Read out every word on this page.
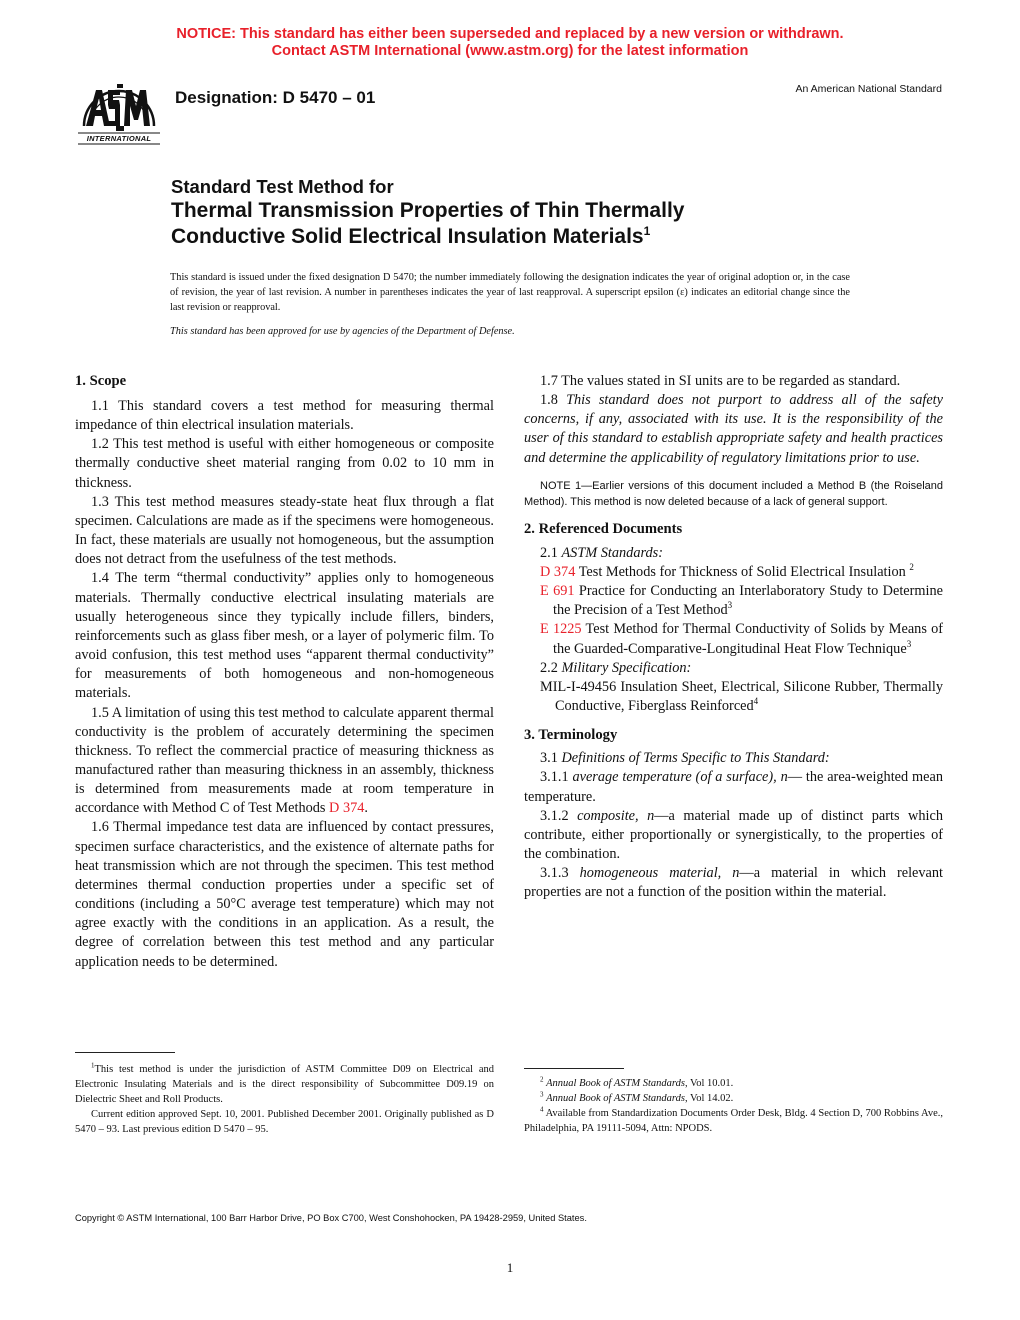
NOTICE: This standard has either been superseded and replaced by a new version or withdrawn.
Contact ASTM International (www.astm.org) for the latest information
INTERNATIONAL
Designation: D 5470 – 01	An American National Standard
Standard Test Method for
Thermal Transmission Properties of Thin Thermally
Conductive Solid Electrical Insulation Materials$^1$
This standard is issued under the fixed designation D 5470; the number immediately following the designation indicates the year of original adoption or, in the case of revision, the year of last revision. A number in parentheses indicates the year of last reapproval. A superscript epsilon (ε) indicates an editorial change since the last revision or reapproval.
This standard has been approved for use by agencies of the Department of Defense.
1. Scope

1.1 This standard covers a test method for measuring thermal impedance of thin electrical insulation materials.

1.2 This test method is useful with either homogeneous or composite thermally conductive sheet material ranging from 0.02 to 10 mm in thickness.

1.3 This test method measures steady-state heat flux through a flat specimen. Calculations are made as if the specimens were homogeneous. In fact, these materials are usually not homogeneous, but the assumption does not detract from the usefulness of the test methods.

1.4 The term “thermal conductivity” applies only to homogeneous materials. Thermally conductive electrical insulating materials are usually heterogeneous since they typically include fillers, binders, reinforcements such as glass fiber mesh, or a layer of polymeric film. To avoid confusion, this test method uses “apparent thermal conductivity” for measurements of both homogeneous and non-homogeneous materials.

1.5 A limitation of using this test method to calculate apparent thermal conductivity is the problem of accurately determining the specimen thickness. To reflect the commercial practice of measuring thickness as manufactured rather than measuring thickness in an assembly, thickness is determined from measurements made at room temperature in accordance with Method C of Test Methods D 374.

1.6 Thermal impedance test data are influenced by contact pressures, specimen surface characteristics, and the existence of alternate paths for heat transmission which are not through the specimen. This test method determines thermal conduction properties under a specific set of conditions (including a 50°C average test temperature) which may not agree exactly with the conditions in an application. As a result, the degree of correlation between this test method and any particular application needs to be determined.

1.7 The values stated in SI units are to be regarded as standard.

1.8 This standard does not purport to address all of the safety concerns, if any, associated with its use. It is the responsibility of the user of this standard to establish appropriate safety and health practices and determine the applicability of regulatory limitations prior to use.

NOTE 1—Earlier versions of this document included a Method B (the Roiseland Method). This method is now deleted because of a lack of general support.

2. Referenced Documents

2.1 ASTM Standards:

D 374 Test Methods for Thickness of Solid Electrical Insulation $^2$

E 691 Practice for Conducting an Interlaboratory Study to Determine the Precision of a Test Method$^3$

E 1225 Test Method for Thermal Conductivity of Solids by Means of the Guarded-Comparative-Longitudinal Heat Flow Technique$^3$

2.2 Military Specification:

MIL-I-49456 Insulation Sheet, Electrical, Silicone Rubber, Thermally Conductive, Fiberglass Reinforced$^4$

3. Terminology

3.1 Definitions of Terms Specific to This Standard:

3.1.1 average temperature (of a surface), n— the area-weighted mean temperature.

3.1.2 composite, n—a material made up of distinct parts which contribute, either proportionally or synergistically, to the properties of the combination.

3.1.3 homogeneous material, n—a material in which relevant properties are not a function of the position within the material.

$^1$This test method is under the jurisdiction of ASTM Committee D09 on Electrical and Electronic Insulating Materials and is the direct responsibility of Subcommittee D09.19 on Dielectric Sheet and Roll Products.

Current edition approved Sept. 10, 2001. Published December 2001. Originally published as D 5470 – 93. Last previous edition D 5470 – 95.

$^2$ Annual Book of ASTM Standards, Vol 10.01.

$^3$ Annual Book of ASTM Standards, Vol 14.02.

$^4$ Available from Standardization Documents Order Desk, Bldg. 4 Section D, 700 Robbins Ave., Philadelphia, PA 19111-5094, Attn: NPODS.

Copyright © ASTM International, 100 Barr Harbor Drive, PO Box C700, West Conshohocken, PA 19428-2959, United States.
1
